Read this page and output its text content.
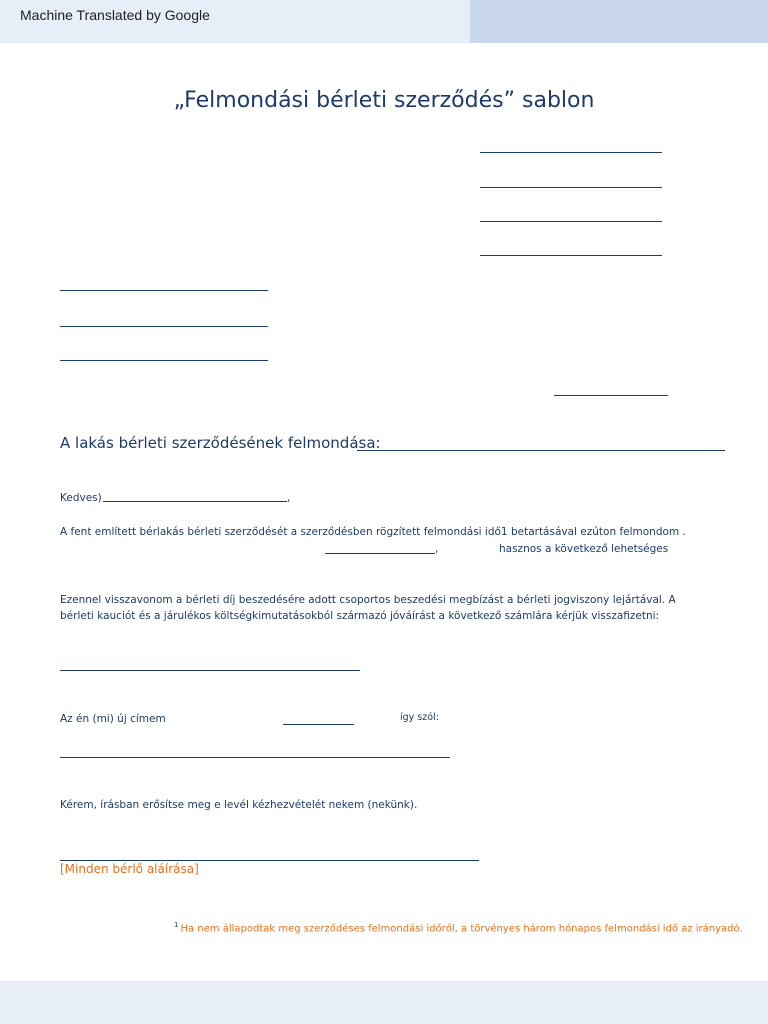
Machine Translated by Google
„Felmondási bérleti szerződés” sablon
A lakás bérleti szerződésének felmondása:
Kedves)	,
A fent említett bérlakás bérleti szerződését a szerződésben rögzített felmondási idő1 betartásával ezúton felmondom .
,	hasznos a következő lehetséges
Ezennel visszavonom a bérleti díj beszedésére adott csoportos beszedési megbízást a bérleti jogviszony lejártával. A bérleti kauciót és a járulékos költségkimutatásokból származó jóváírást a következő számlára kérjük visszafizetni:
Az én (mi) új címem	így szól:
Kérem, írásban erősítse meg e levél kézhezvételét nekem (nekünk).
[Minden bérlő aláírása]
$^1$ Ha nem állapodtak meg szerződéses felmondási időről, a törvényes három hónapos felmondási idő az irányadó.
